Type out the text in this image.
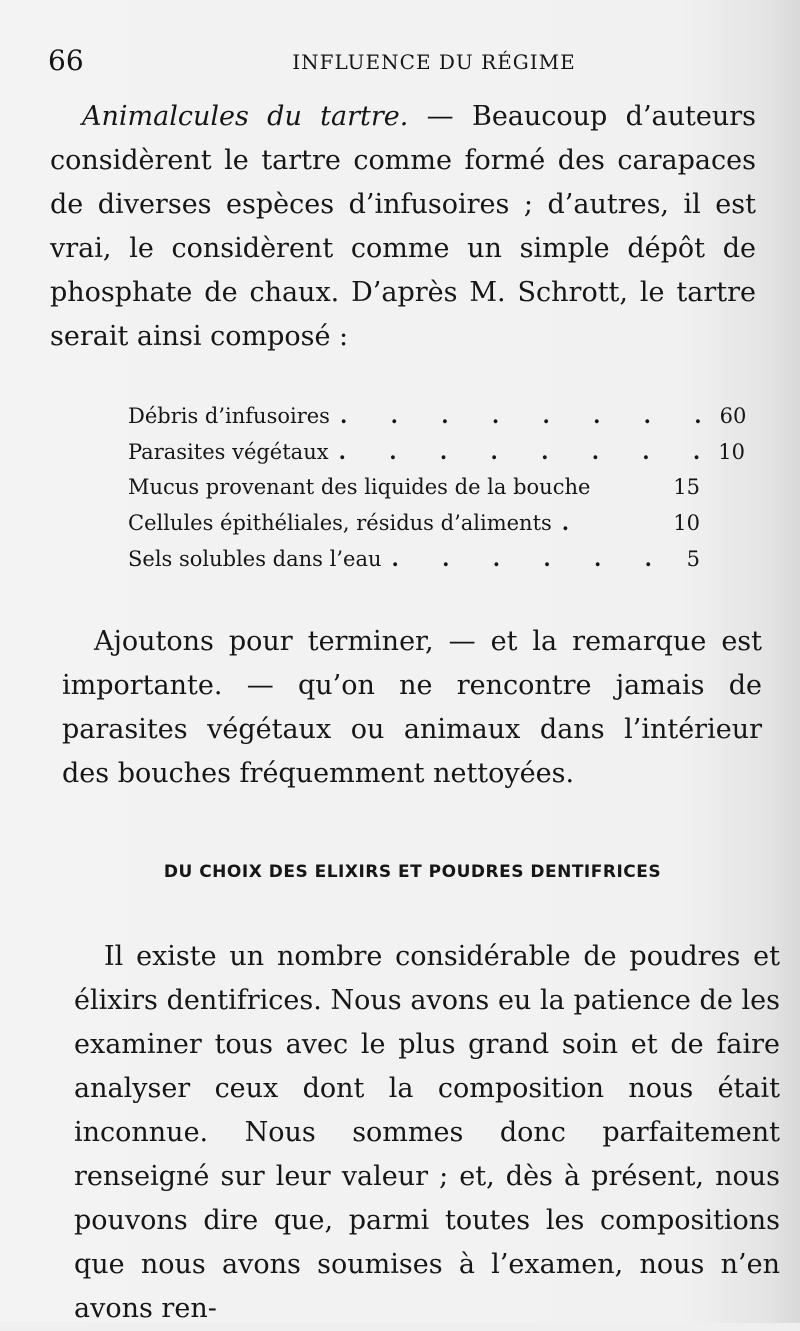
66	INFLUENCE DU RÉGIME

Animalcules du tartre. — Beaucoup d’auteurs considèrent le tartre comme formé des carapaces de diverses espèces d’infusoires ; d’autres, il est vrai, le considèrent comme un simple dépôt de phosphate de chaux. D’après M. Schrott, le tartre serait ainsi composé :

Débris d’infusoires . . . . . . . . 60
Parasites végétaux . . . . . . . . 10
Mucus provenant des liquides de la bouche	15
Cellules épithéliales, résidus d’aliments .	10
Sels solubles dans l’eau . . . . . . 5

Ajoutons pour terminer, — et la remarque est importante. — qu’on ne rencontre jamais de parasites végétaux ou animaux dans l’intérieur des bouches fréquemment nettoyées.

DU CHOIX DES ELIXIRS ET POUDRES DENTIFRICES

Il existe un nombre considérable de poudres et élixirs dentifrices. Nous avons eu la patience de les examiner tous avec le plus grand soin et de faire analyser ceux dont la composition nous était inconnue. Nous sommes donc parfaitement renseigné sur leur valeur ; et, dès à présent, nous pouvons dire que, parmi toutes les compositions que nous avons soumises à l’examen, nous n’en avons ren-
